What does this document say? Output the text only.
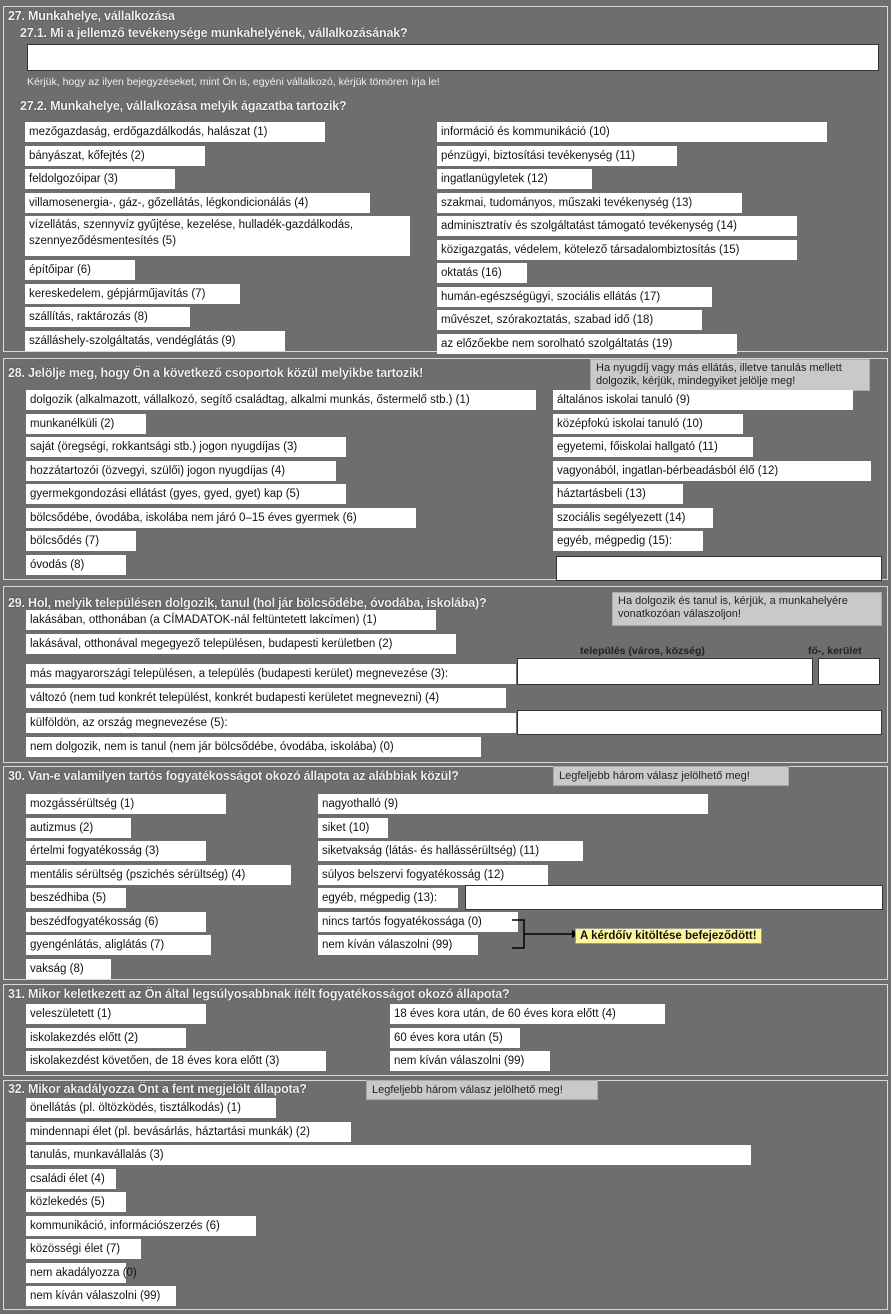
27. Munkahelye, vállalkozása
27.1. Mi a jellemző tevékenysége munkahelyének, vállalkozásának?
Kérjük, hogy az ilyen bejegyzéseket, mint Ön is, egyéni vállalkozó, kérjük tömören írja le!
27.2. Munkahelye, vállalkozása melyik ágazatba tartozik?
mezőgazdaság, erdőgazdálkodás, halászat (1)
bányászat, kőfejtés (2)
feldolgozóipar (3)
villamosenergia-, gáz-, gőzellátás, légkondicionálás (4)
vízellátás, szennyvíz gyűjtése, kezelése, hulladék-gazdálkodás, szennyeződésmentesítés (5)
építőipar (6)
kereskedelem, gépjárműjavítás (7)
szállítás, raktározás (8)
szálláshely-szolgáltatás, vendéglátás (9)
információ és kommunikáció (10)
pénzügyi, biztosítási tevékenység (11)
ingatlanügyletek (12)
szakmai, tudományos, műszaki tevékenység (13)
adminisztratív és szolgáltatást támogató tevékenység (14)
közigazgatás, védelem, kötelező társadalombiztosítás (15)
oktatás (16)
humán-egészségügyi, szociális ellátás (17)
művészet, szórakoztatás, szabad idő (18)
az előzőekbe nem sorolható szolgáltatás (19)
28. Jelölje meg, hogy Ön a következő csoportok közül melyikbe tartozik!	Ha nyugdíj vagy más ellátás, illetve tanulás mellett dolgozik, kérjük, mindegyiket jelölje meg!
dolgozik (alkalmazott, vállalkozó, segítő családtag, alkalmi munkás, őstermelő stb.) (1)
munkanélküli (2)
saját (öregségi, rokkantsági stb.) jogon nyugdíjas (3)
hozzátartozói (özvegyi, szülői) jogon nyugdíjas (4)
gyermekgondozási ellátást (gyes, gyed, gyet) kap (5)
bölcsődébe, óvodába, iskolába nem járó 0–15 éves gyermek (6)
bölcsődés (7)
óvodás (8)
általános iskolai tanuló (9)
középfokú iskolai tanuló (10)
egyetemi, főiskolai hallgató (11)
vagyonából, ingatlan-bérbeadásból élő (12)
háztartásbeli (13)
szociális segélyezett (14)
egyéb, mégpedig (15):
29. Hol, melyik településen dolgozik, tanul (hol jár bölcsődébe, óvodába, iskolába)?	Ha dolgozik és tanul is, kérjük, a munkahelyére vonatkozóan válaszoljon!
település (város, község)	fő-, kerület
lakásában, otthonában (a CÍMADATOK-nál feltüntetett lakcímen) (1)
lakásával, otthonával megegyező településen, budapesti kerületben (2)
más magyarországi településen, a település (budapesti kerület) megnevezése (3):
változó (nem tud konkrét települést, konkrét budapesti kerületet megnevezni) (4)
külföldön, az ország megnevezése (5):
nem dolgozik, nem is tanul (nem jár bölcsődébe, óvodába, iskolába) (0)
30. Van-e valamilyen tartós fogyatékosságot okozó állapota az alábbiak közül?	Legfeljebb három válasz jelölhető meg!
mozgássérültség (1)
autizmus (2)
értelmi fogyatékosság (3)
mentális sérültség (pszichés sérültség) (4)
beszédhiba (5)
beszédfogyatékosság (6)
gyengénlátás, aliglátás (7)
vakság (8)
nagyothalló (9)
siket (10)
siketvakság (látás- és hallássérültség) (11)
súlyos belszervi fogyatékosság (12)
egyéb, mégpedig (13):
nincs tartós fogyatékossága (0)
nem kíván válaszolni (99)
A kérdőív kitöltése befejeződött!
31. Mikor keletkezett az Ön által legsúlyosabbnak ítélt fogyatékosságot okozó állapota?
veleszületett (1)
iskolakezdés előtt (2)
iskolakezdést követően, de 18 éves kora előtt (3)
18 éves kora után, de 60 éves kora előtt (4)
60 éves kora után (5)
nem kíván válaszolni (99)
32. Mikor akadályozza Önt a fent megjelölt állapota?	Legfeljebb három válasz jelölhető meg!
önellátás (pl. öltözködés, tisztálkodás) (1)
mindennapi élet (pl. bevásárlás, háztartási munkák) (2)
tanulás, munkavállalás (3)
családi élet (4)
közlekedés (5)
kommunikáció, információszerzés (6)
közösségi élet (7)
nem akadályozza (0)
nem kíván válaszolni (99)
